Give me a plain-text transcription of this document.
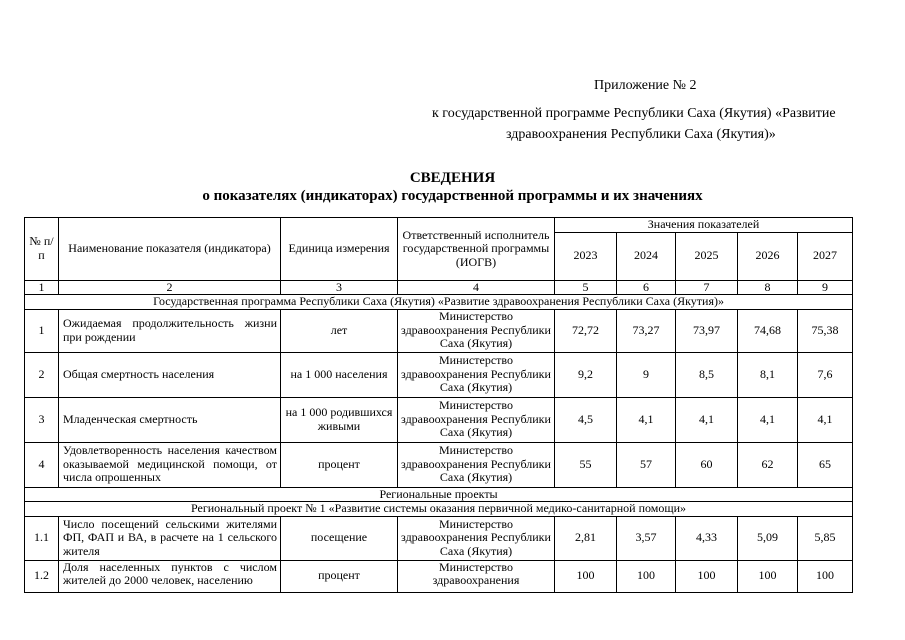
Приложение № 2
к государственной программе Республики Саха (Якутия) «Развитие
здравоохранения Республики Саха (Якутия)»
СВЕДЕНИЯ
о показателях (индикаторах) государственной программы и их значениях
№ п/п	Наименование показателя (индикатора)	Единица измерения	Ответственный исполнитель государственной программы (ИОГВ)	Значения показателей				
				2023	2024	2025	2026	2027
1	2	3	4	5	6	7	8	9
Государственная программа Республики Саха (Якутия) «Развитие здравоохранения Республики Саха (Якутия)»								
1	Ожидаемая продолжительность жизни при рождении	лет	Министерство здравоохранения Республики Саха (Якутия)	72,72	73,27	73,97	74,68	75,38
2	Общая смертность населения	на 1 000 населения	Министерство здравоохранения Республики Саха (Якутия)	9,2	9	8,5	8,1	7,6
3	Младенческая смертность	на 1 000 родившихся живыми	Министерство здравоохранения Республики Саха (Якутия)	4,5	4,1	4,1	4,1	4,1
4	Удовлетворенность населения качеством оказываемой медицинской помощи, от числа опрошенных	процент	Министерство здравоохранения Республики Саха (Якутия)	55	57	60	62	65
Региональные проекты								
Региональный проект № 1 «Развитие системы оказания первичной медико-санитарной помощи»								
1.1	Число посещений сельскими жителями ФП, ФАП и ВА, в расчете на 1 сельского жителя	посещение	Министерство здравоохранения Республики Саха (Якутия)	2,81	3,57	4,33	5,09	5,85
1.2	Доля населенных пунктов с числом жителей до 2000 человек, населению	процент	Министерство здравоохранения	100	100	100	100	100
